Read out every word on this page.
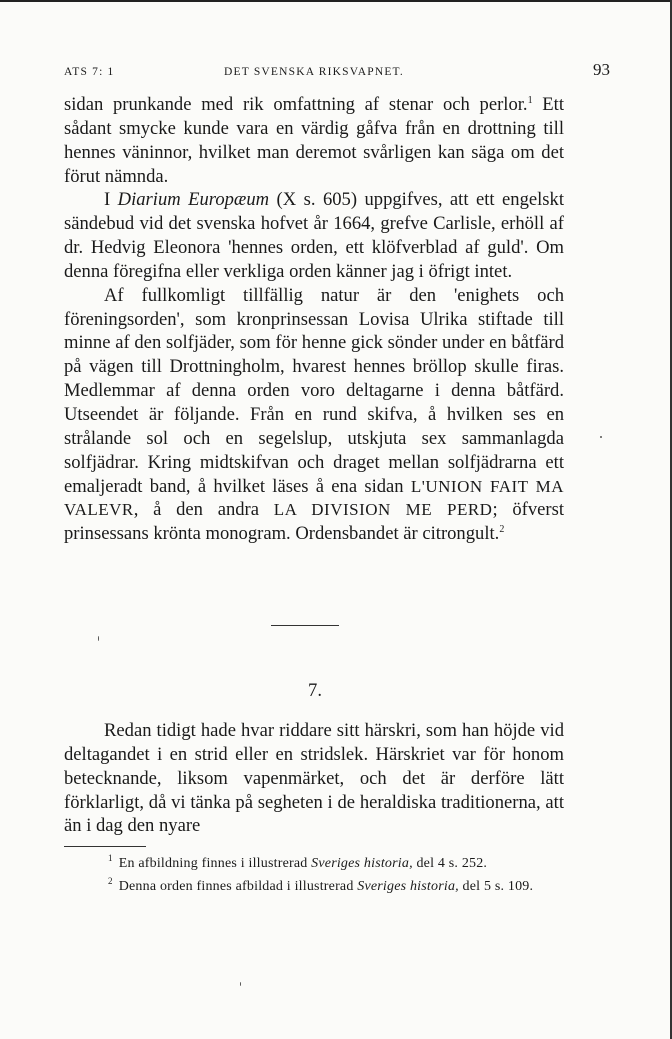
ATS 7: 1	DET SVENSKA RIKSVAPNET.	93

sidan prunkande med rik omfattning af stenar och perlor.$^1$ Ett sådant smycke kunde vara en värdig gåfva från en drottning till hennes väninnor, hvilket man deremot svårligen kan säga om det förut nämnda.

I Diarium Europæum (X s. 605) uppgifves, att ett engelskt sändebud vid det svenska hofvet år 1664, grefve Carlisle, erhöll af dr. Hedvig Eleonora 'hennes orden, ett klöfverblad af guld'. Om denna föregifna eller verkliga orden känner jag i öfrigt intet.

Af fullkomligt tillfällig natur är den 'enighets och föreningsorden', som kronprinsessan Lovisa Ulrika stiftade till minne af den solfjäder, som för henne gick sönder under en båtfärd på vägen till Drottningholm, hvarest hennes bröllop skulle firas. Medlemmar af denna orden voro deltagarne i denna båtfärd. Utseendet är följande. Från en rund skifva, å hvilken ses en strålande sol och en segelslup, utskjuta sex sammanlagda solfjädrar. Kring midtskifvan och draget mellan solfjädrarna ett emaljeradt band, å hvilket läses å ena sidan L'UNION FAIT MA VALEVR, å den andra LA DIVISION ME PERD; öfverst prinsessans krönta monogram. Ordensbandet är citrongult.$^2$

7.

Redan tidigt hade hvar riddare sitt härskri, som han höjde vid deltagandet i en strid eller en stridslek. Härskriet var för honom betecknande, liksom vapenmärket, och det är derföre lätt förklarligt, då vi tänka på segheten i de heraldiska traditionerna, att än i dag den nyare

$^1$ En afbildning finnes i illustrerad Sveriges historia, del 4 s. 252.

$^2$ Denna orden finnes afbildad i illustrerad Sveriges historia, del 5 s. 109.
